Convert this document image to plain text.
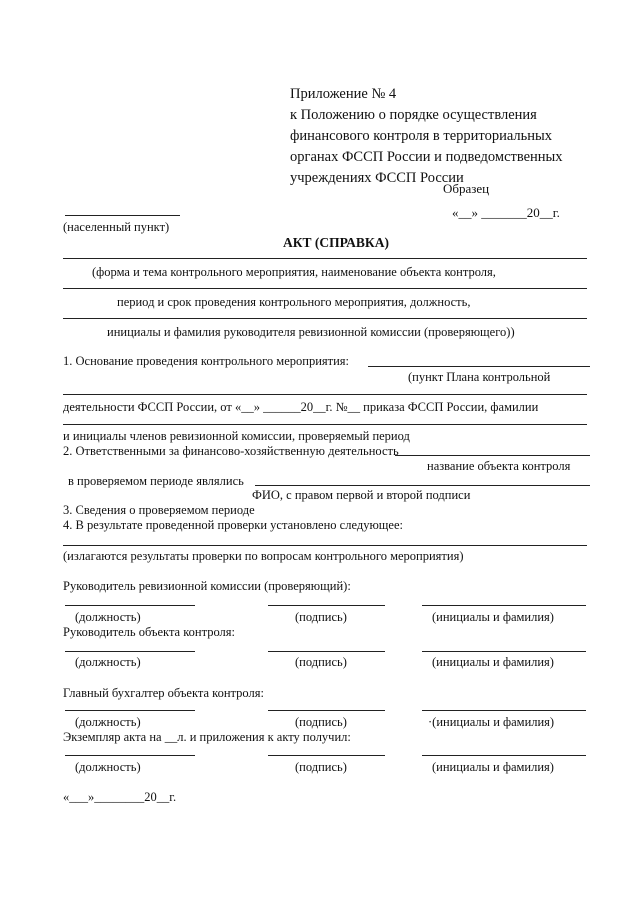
Приложение № 4
к Положению о порядке осуществления
финансового контроля в территориальных
органах ФССП России и подведомственных
учреждениях ФССП России
Образец
«__» _______20__г.
(населенный пункт)
АКТ (СПРАВКА)
(форма и тема контрольного мероприятия, наименование объекта контроля,
период и срок проведения контрольного мероприятия, должность,
инициалы и фамилия руководителя ревизионной комиссии (проверяющего))
1. Основание проведения контрольного мероприятия:
(пункт Плана контрольной
деятельности ФССП России, от «__» ______20__г. №__ приказа ФССП России, фамилии
и инициалы членов ревизионной комиссии, проверяемый период
2. Ответственными за финансово-хозяйственную деятельность
название объекта контроля
в проверяемом периоде являлись
ФИО, с правом первой и второй подписи
3. Сведения о проверяемом периоде
4. В результате проведенной проверки установлено следующее:
(излагаются результаты проверки по вопросам контрольного мероприятия)
Руководитель ревизионной комиссии (проверяющий):
(должность)	(подпись)	(инициалы и фамилия)
Руководитель объекта контроля:
(должность)	(подпись)	(инициалы и фамилия)
Главный бухгалтер объекта контроля:
(должность)	(подпись)	·(инициалы и фамилия)
Экземпляр акта на __л. и приложения к акту получил:
(должность)	(подпись)	(инициалы и фамилия)
«___»________20__г.
